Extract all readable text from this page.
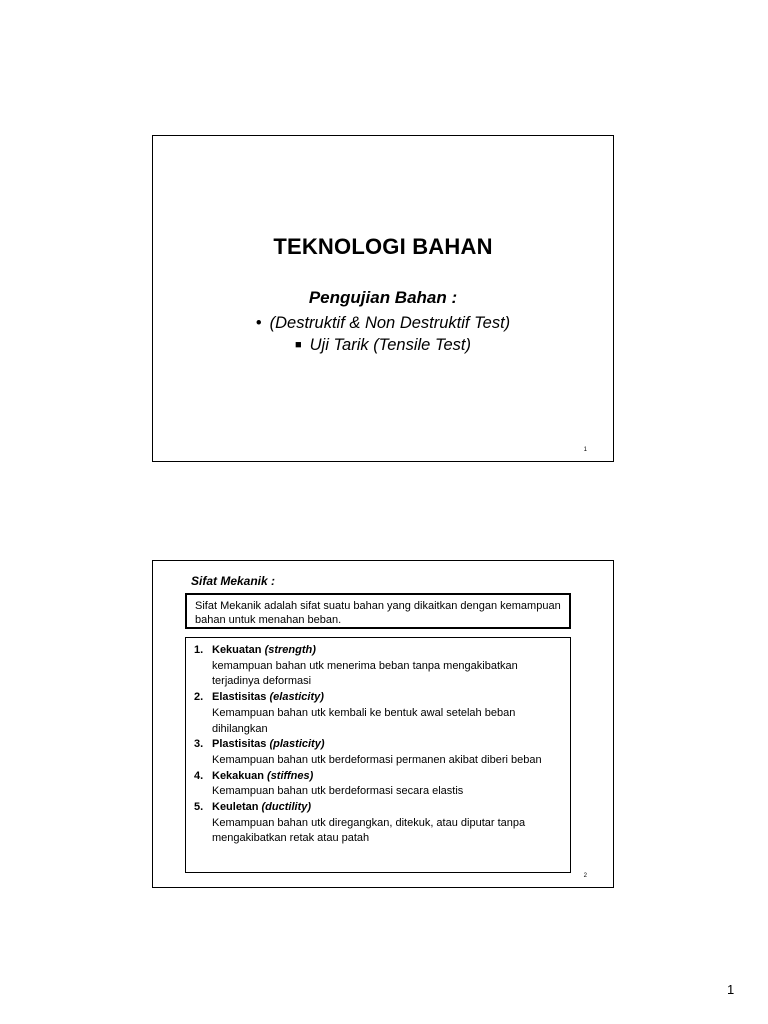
TEKNOLOGI BAHAN
Pengujian Bahan :
• (Destruktif & Non Destruktif Test)
■ Uji Tarik (Tensile Test)
1
Sifat Mekanik :
Sifat Mekanik adalah sifat suatu bahan yang dikaitkan dengan kemampuan bahan untuk menahan beban.
1. Kekuatan (strength)
kemampuan bahan utk menerima beban tanpa mengakibatkan terjadinya deformasi
2. Elastisitas (elasticity)
Kemampuan bahan utk kembali ke bentuk awal setelah beban dihilangkan
3. Plastisitas (plasticity)
Kemampuan bahan utk berdeformasi permanen akibat diberi beban
4. Kekakuan (stiffnes)
Kemampuan bahan utk berdeformasi secara elastis
5. Keuletan (ductility)
Kemampuan bahan utk diregangkan, ditekuk, atau diputar tanpa mengakibatkan retak atau patah
2
1
